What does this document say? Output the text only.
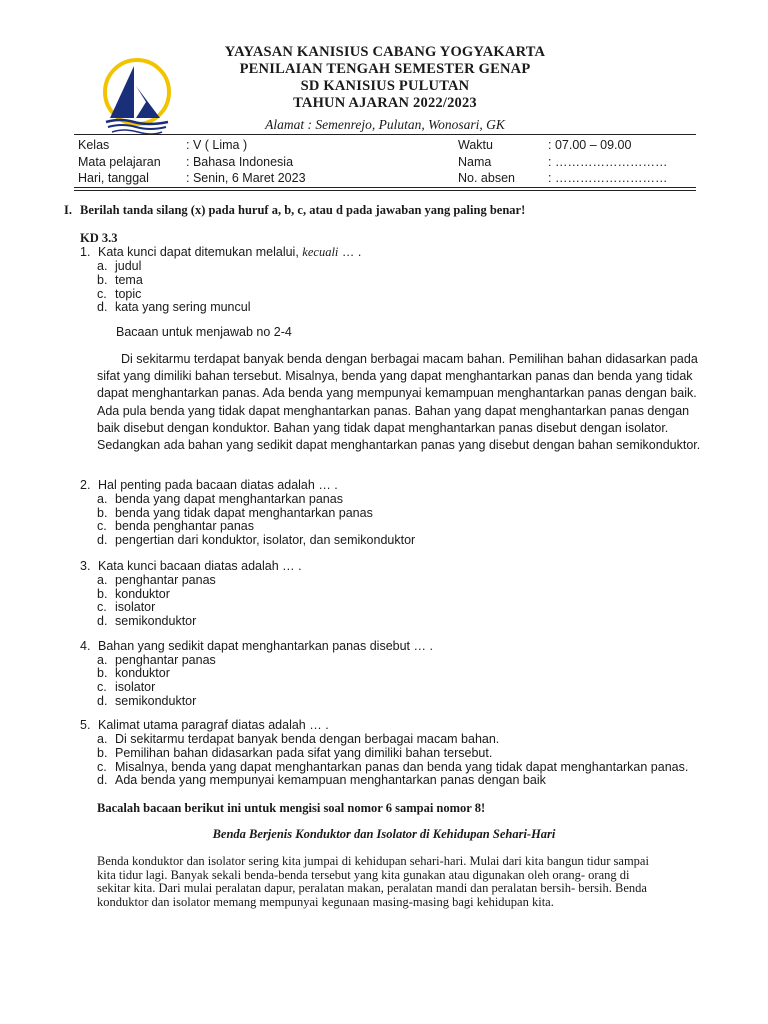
YAYASAN KANISIUS CABANG YOGYAKARTA
PENILAIAN TENGAH SEMESTER GENAP
SD KANISIUS PULUTAN
TAHUN AJARAN 2022/2023
Alamat : Semenrejo, Pulutan, Wonosari, GK
Kelas	: V ( Lima )	Waktu	: 07.00 – 09.00
Mata pelajaran : Bahasa Indonesia	Nama	: ………………………
Hari, tanggal	: Senin, 6 Maret 2023	No. absen	: ………………………
I. Berilah tanda silang (x) pada huruf a, b, c, atau d pada jawaban yang paling benar!
KD 3.3
1. Kata kunci dapat ditemukan melalui, kecuali … .
a. judul
b. tema
c. topic
d. kata yang sering muncul
Bacaan untuk menjawab no 2-4

Di sekitarmu terdapat banyak benda dengan berbagai macam bahan. Pemilihan bahan didasarkan pada

sifat yang dimiliki bahan tersebut. Misalnya, benda yang dapat menghantarkan panas dan benda yang tidak

dapat menghantarkan panas. Ada benda yang mempunyai kemampuan menghantarkan panas dengan baik.

Ada pula benda yang tidak dapat menghantarkan panas. Bahan yang dapat menghantarkan panas dengan

baik disebut dengan konduktor. Bahan yang tidak dapat menghantarkan panas disebut dengan isolator.

Sedangkan ada bahan yang sedikit dapat menghantarkan panas yang disebut dengan bahan semikonduktor.

2. Hal penting pada bacaan diatas adalah … .
a. benda yang dapat menghantarkan panas
b. benda yang tidak dapat menghantarkan panas
c. benda penghantar panas
d. pengertian dari konduktor, isolator, dan semikonduktor
3. Kata kunci bacaan diatas adalah … .
a. penghantar panas
b. konduktor
c. isolator
d. semikonduktor
4. Bahan yang sedikit dapat menghantarkan panas disebut … .
a. penghantar panas
b. konduktor
c. isolator
d. semikonduktor
5. Kalimat utama paragraf diatas adalah … .
a. Di sekitarmu terdapat banyak benda dengan berbagai macam bahan.
b. Pemilihan bahan didasarkan pada sifat yang dimiliki bahan tersebut.
c. Misalnya, benda yang dapat menghantarkan panas dan benda yang tidak dapat menghantarkan panas.
d. Ada benda yang mempunyai kemampuan menghantarkan panas dengan baik
Bacalah bacaan berikut ini untuk mengisi soal nomor 6 sampai nomor 8!
Benda Berjenis Konduktor dan Isolator di Kehidupan Sehari-Hari

Benda konduktor dan isolator sering kita jumpai di kehidupan sehari-hari. Mulai dari kita bangun tidur sampai

kita tidur lagi. Banyak sekali benda-benda tersebut yang kita gunakan atau digunakan oleh orang- orang di

sekitar kita. Dari mulai peralatan dapur, peralatan makan, peralatan mandi dan peralatan bersih- bersih. Benda

konduktor dan isolator memang mempunyai kegunaan masing-masing bagi kehidupan kita.
